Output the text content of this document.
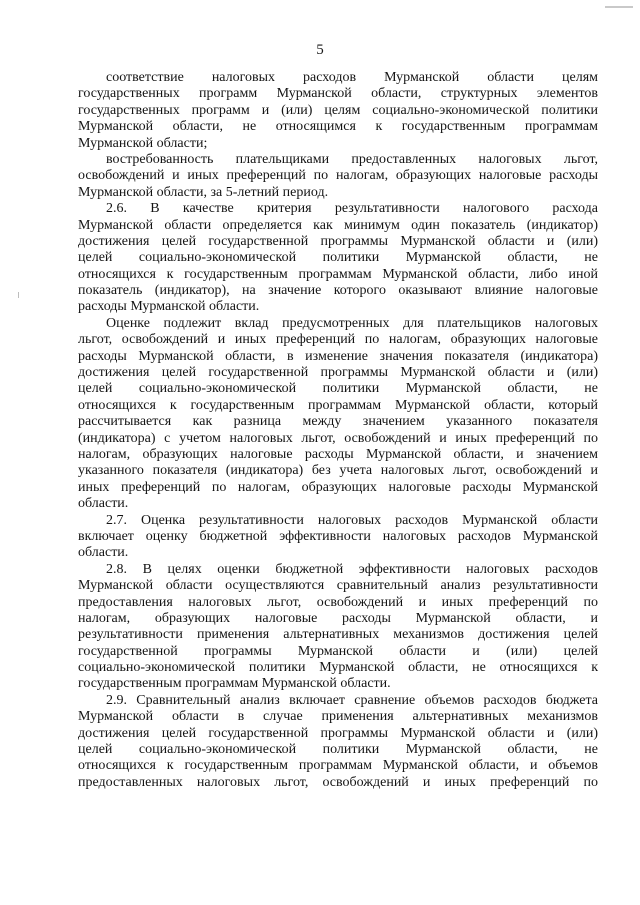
5
соответствие налоговых расходов Мурманской области целям
государственных программ Мурманской области, структурных элементов
государственных программ и (или) целям социально-экономической политики
Мурманской области, не относящимся к государственным программам
Мурманской области;
востребованность плательщиками предоставленных налоговых льгот,
освобождений и иных преференций по налогам, образующих налоговые расходы
Мурманской области, за 5-летний период.
2.6. В качестве критерия результативности налогового расхода
Мурманской области определяется как минимум один показатель (индикатор)
достижения целей государственной программы Мурманской области и (или)
целей социально-экономической политики Мурманской области, не
относящихся к государственным программам Мурманской области, либо иной
показатель (индикатор), на значение которого оказывают влияние налоговые
расходы Мурманской области.
Оценке подлежит вклад предусмотренных для плательщиков налоговых
льгот, освобождений и иных преференций по налогам, образующих налоговые
расходы Мурманской области, в изменение значения показателя (индикатора)
достижения целей государственной программы Мурманской области и (или)
целей социально-экономической политики Мурманской области, не
относящихся к государственным программам Мурманской области, который
рассчитывается как разница между значением указанного показателя
(индикатора) с учетом налоговых льгот, освобождений и иных преференций по
налогам, образующих налоговые расходы Мурманской области, и значением
указанного показателя (индикатора) без учета налоговых льгот, освобождений и
иных преференций по налогам, образующих налоговые расходы Мурманской
области.
2.7. Оценка результативности налоговых расходов Мурманской области
включает оценку бюджетной эффективности налоговых расходов Мурманской
области.
2.8. В целях оценки бюджетной эффективности налоговых расходов
Мурманской области осуществляются сравнительный анализ результативности
предоставления налоговых льгот, освобождений и иных преференций по
налогам, образующих налоговые расходы Мурманской области, и
результативности применения альтернативных механизмов достижения целей
государственной программы Мурманской области и (или) целей
социально-экономической политики Мурманской области, не относящихся к
государственным программам Мурманской области.
2.9. Сравнительный анализ включает сравнение объемов расходов бюджета
Мурманской области в случае применения альтернативных механизмов
достижения целей государственной программы Мурманской области и (или)
целей социально-экономической политики Мурманской области, не
относящихся к государственным программам Мурманской области, и объемов
предоставленных налоговых льгот, освобождений и иных преференций по
